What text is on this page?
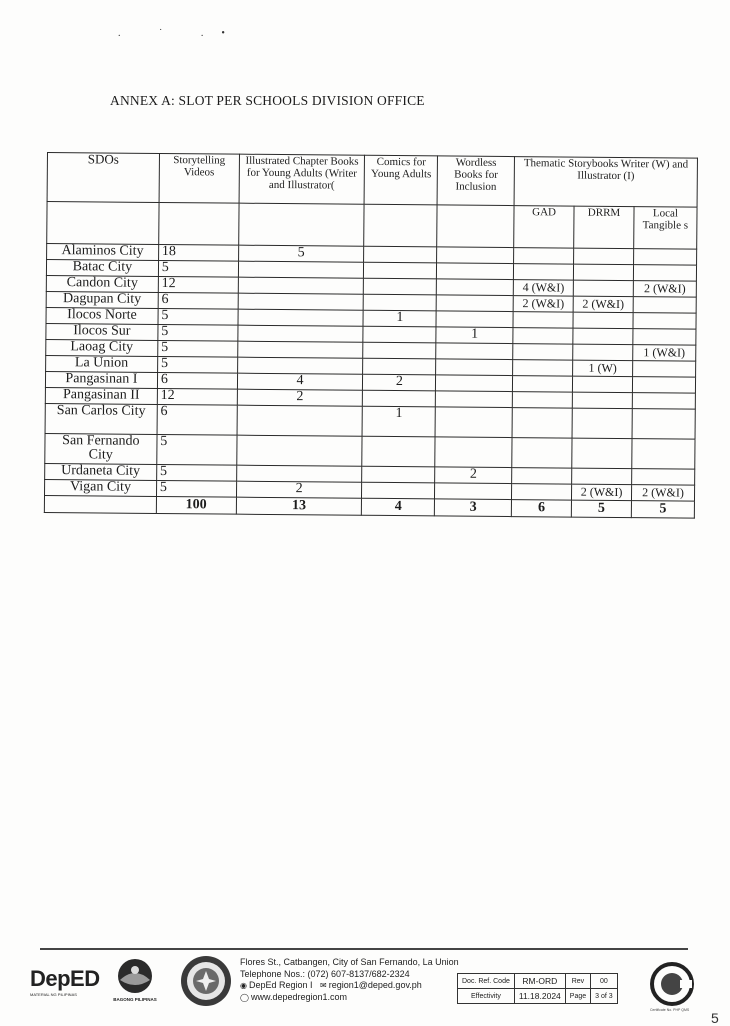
. ˙ .•
ANNEX A: SLOT PER SCHOOLS DIVISION OFFICE
SDOs	Storytelling Videos	Illustrated Chapter Books for Young Adults (Writer and Illustrator(	Comics for Young Adults	Wordless Books for Inclusion	Thematic Storybooks Writer (W) and Illustrator (I)		
					GAD	DRRM	Local Tangible s
Alaminos City	18	5					
Batac City	5						
Candon City	12				4 (W&I)		2 (W&I)
Dagupan City	6				2 (W&I)	2 (W&I)	
Ilocos Norte	5		1				
Ilocos Sur	5			1			
Laoag City	5						1 (W&I)
La Union	5					1 (W)	
Pangasinan I	6	4	2				
Pangasinan II	12	2					
San Carlos City	6		1				
San Fernando City	5						
Urdaneta City	5			2			
Vigan City	5	2				2 (W&I)	2 (W&I)
	100	13	4	3	6	5	5
DepED
MATERIAL NG PILIPINAS
BAGONG PILIPINAS
Flores St., Catbangen, City of San Fernando, La Union
Telephone Nos.: (072) 607-8137/682-2324
◉ DepEd Region I ✉ region1@deped.gov.ph
◯ www.depedregion1.com
Doc. Ref. Code	RM-ORD	Rev	00
Effectivity	11.18.2024	Page	3 of 3
Certificate No. PHP QMS	5
